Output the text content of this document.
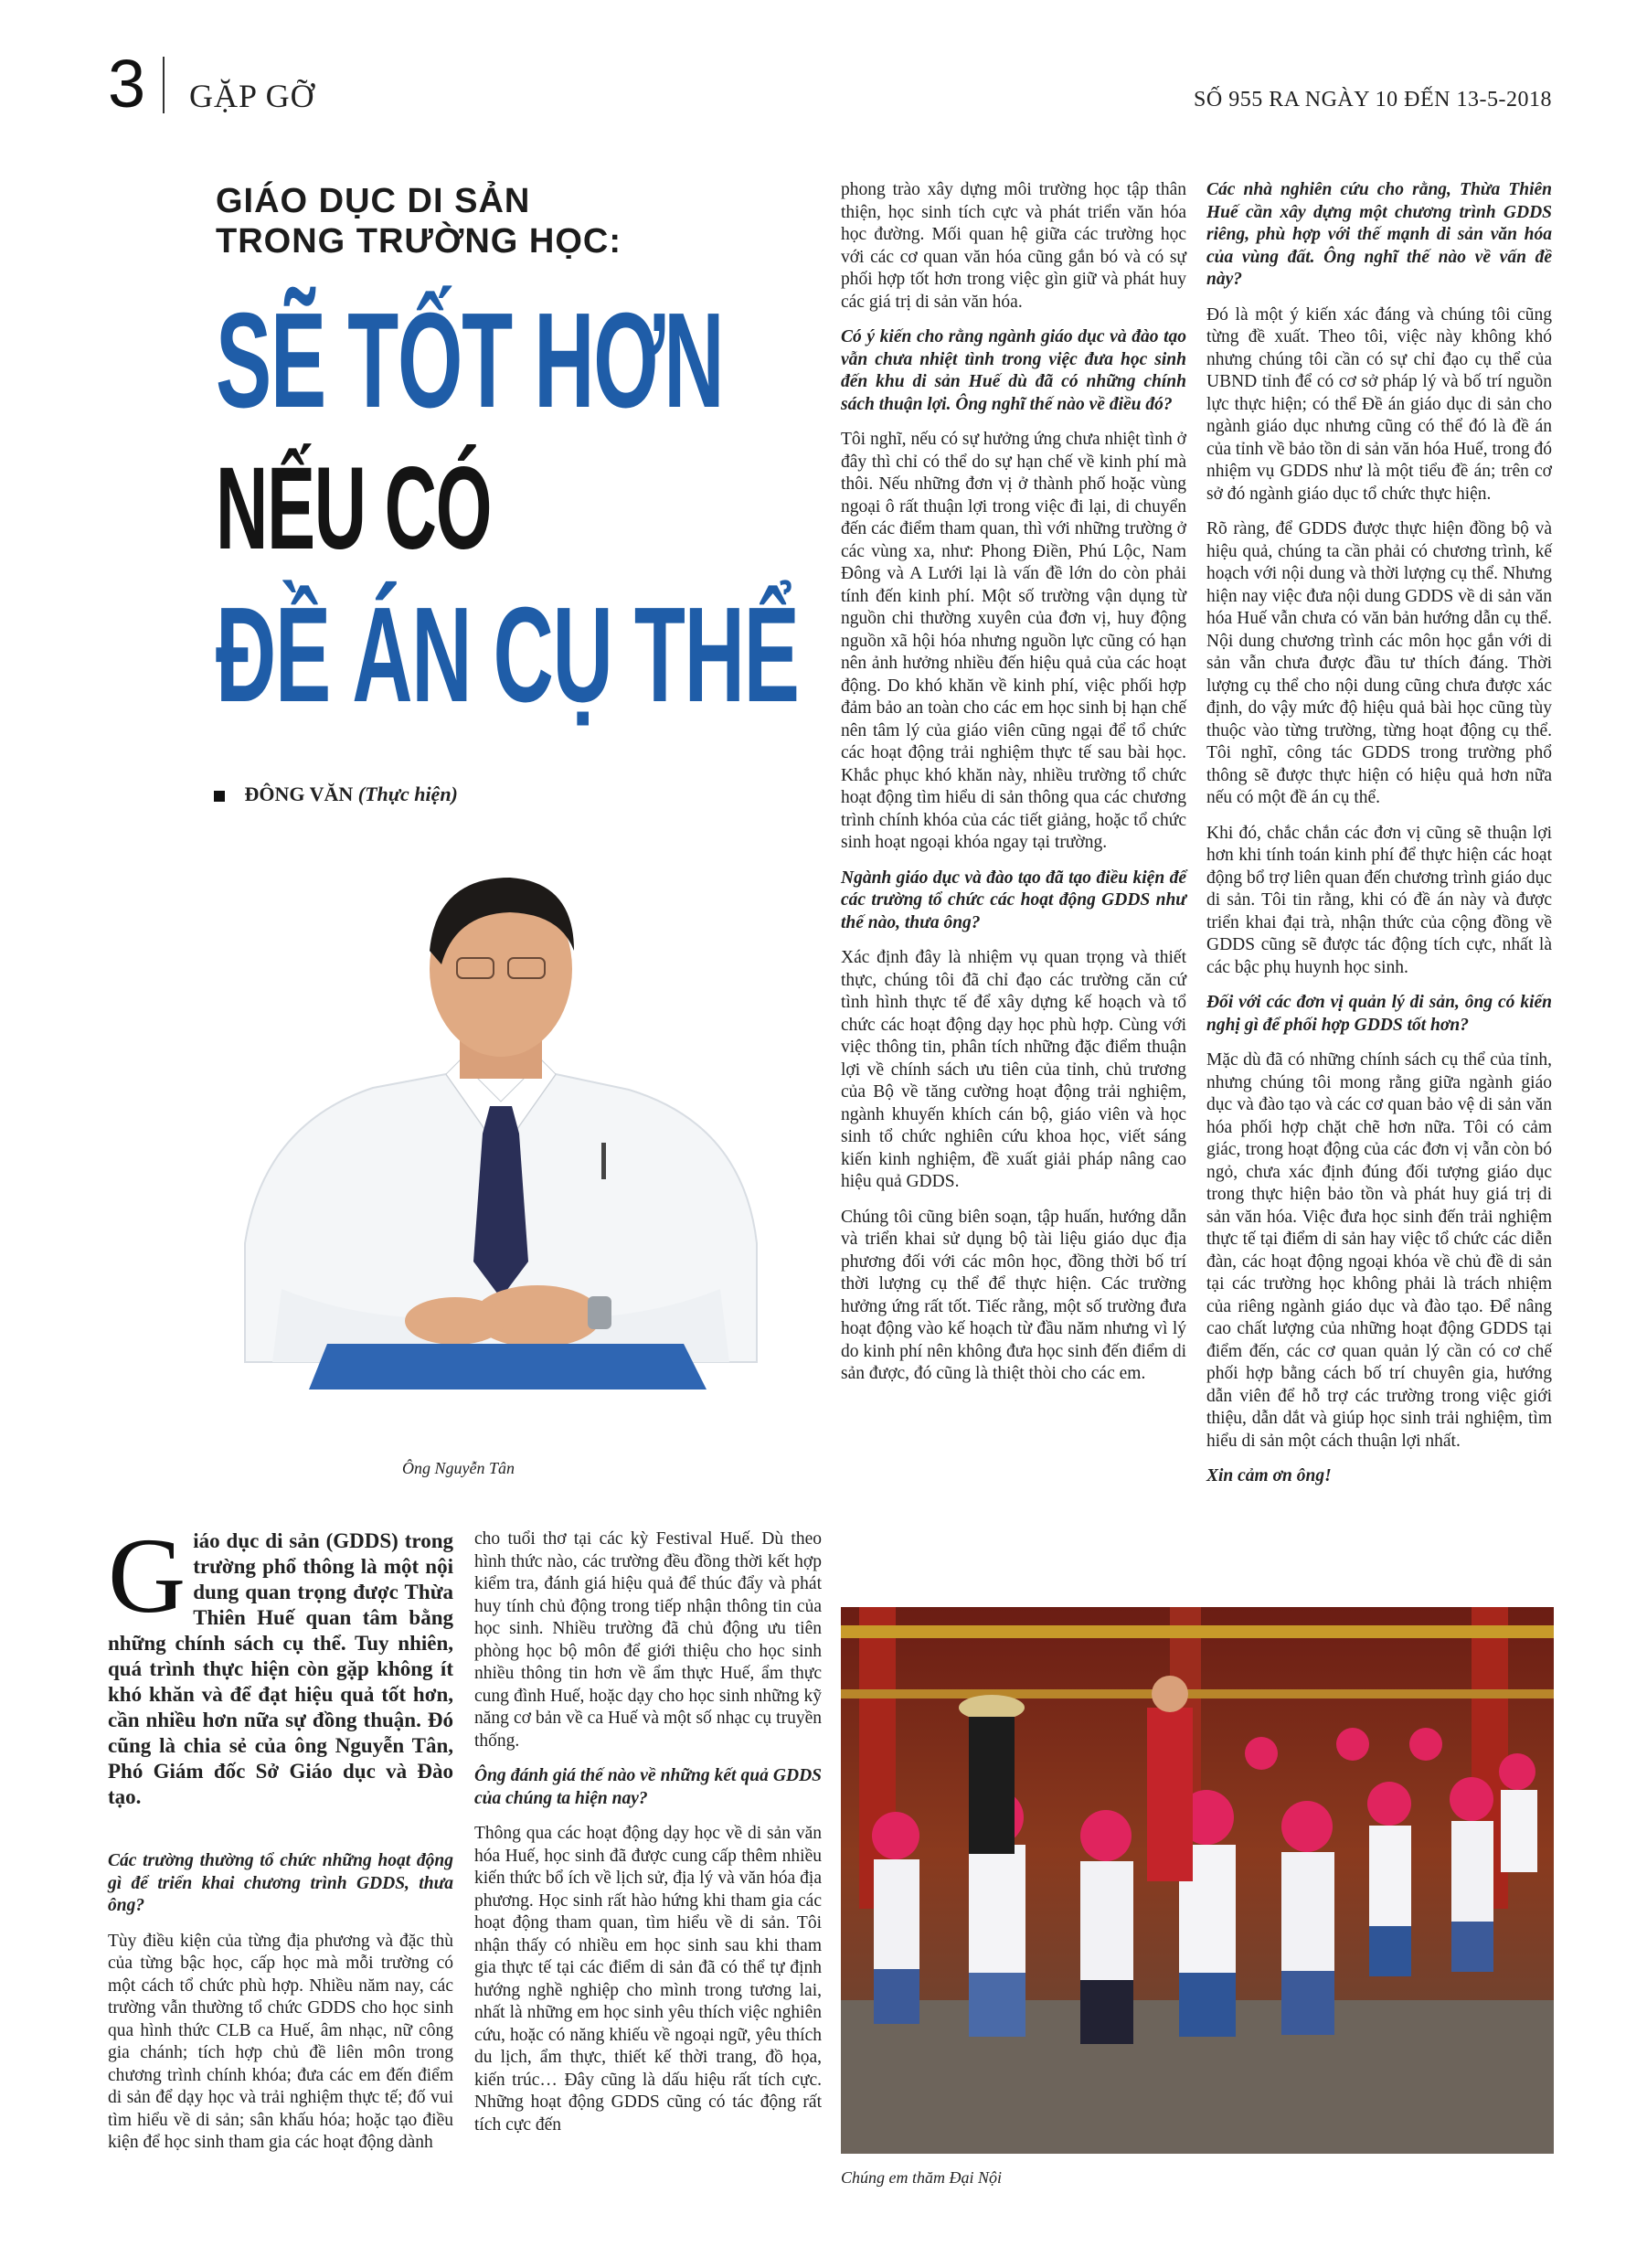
3 GẶP GỠ	SỐ 955 RA NGÀY 10 ĐẾN 13-5-2018
GIÁO DỤC DI SẢN
TRONG TRƯỜNG HỌC:
SẼ TỐT HƠN
NẾU CÓ
ĐỀ ÁN CỤ THỂ
ĐÔNG VĂN (Thực hiện)
Ông Nguyễn Tân
Giáo dục di sản (GDDS) trong trường phổ thông là một nội dung quan trọng được Thừa Thiên Huế quan tâm bằng những chính sách cụ thể. Tuy nhiên, quá trình thực hiện còn gặp không ít khó khăn và để đạt hiệu quả tốt hơn, cần nhiều hơn nữa sự đồng thuận. Đó cũng là chia sẻ của ông Nguyễn Tân, Phó Giám đốc Sở Giáo dục và Đào tạo.

Các trường thường tổ chức những hoạt động gì để triển khai chương trình GDDS, thưa ông?

Tùy điều kiện của từng địa phương và đặc thù của từng bậc học, cấp học mà mỗi trường có một cách tổ chức phù hợp. Nhiều năm nay, các trường vẫn thường tổ chức GDDS cho học sinh qua hình thức CLB ca Huế, âm nhạc, nữ công gia chánh; tích hợp chủ đề liên môn trong chương trình chính khóa; đưa các em đến điểm di sản để dạy học và trải nghiệm thực tế; đố vui tìm hiểu về di sản; sân khấu hóa; hoặc tạo điều kiện để học sinh tham gia các hoạt động dành

cho tuổi thơ tại các kỳ Festival Huế. Dù theo hình thức nào, các trường đều đồng thời kết hợp kiểm tra, đánh giá hiệu quả để thúc đẩy và phát huy tính chủ động trong tiếp nhận thông tin của học sinh. Nhiều trường đã chủ động ưu tiên phòng học bộ môn để giới thiệu cho học sinh nhiều thông tin hơn về ẩm thực Huế, ẩm thực cung đình Huế, hoặc dạy cho học sinh những kỹ năng cơ bản về ca Huế và một số nhạc cụ truyền thống.

Ông đánh giá thế nào về những kết quả GDDS của chúng ta hiện nay?

Thông qua các hoạt động dạy học về di sản văn hóa Huế, học sinh đã được cung cấp thêm nhiều kiến thức bổ ích về lịch sử, địa lý và văn hóa địa phương. Học sinh rất hào hứng khi tham gia các hoạt động tham quan, tìm hiểu về di sản. Tôi nhận thấy có nhiều em học sinh sau khi tham gia thực tế tại các điểm di sản đã có thể tự định hướng nghề nghiệp cho mình trong tương lai, nhất là những em học sinh yêu thích việc nghiên cứu, hoặc có năng khiếu về ngoại ngữ, yêu thích du lịch, ẩm thực, thiết kế thời trang, đồ họa, kiến trúc… Đây cũng là dấu hiệu rất tích cực. Những hoạt động GDDS cũng có tác động rất tích cực đến

phong trào xây dựng môi trường học tập thân thiện, học sinh tích cực và phát triển văn hóa học đường. Mối quan hệ giữa các trường học với các cơ quan văn hóa cũng gắn bó và có sự phối hợp tốt hơn trong việc gìn giữ và phát huy các giá trị di sản văn hóa.

Có ý kiến cho rằng ngành giáo dục và đào tạo vẫn chưa nhiệt tình trong việc đưa học sinh đến khu di sản Huế dù đã có những chính sách thuận lợi. Ông nghĩ thế nào về điều đó?

Tôi nghĩ, nếu có sự hưởng ứng chưa nhiệt tình ở đây thì chỉ có thể do sự hạn chế về kinh phí mà thôi. Nếu những đơn vị ở thành phố hoặc vùng ngoại ô rất thuận lợi trong việc đi lại, di chuyển đến các điểm tham quan, thì với những trường ở các vùng xa, như: Phong Điền, Phú Lộc, Nam Đông và A Lưới lại là vấn đề lớn do còn phải tính đến kinh phí. Một số trường vận dụng từ nguồn chi thường xuyên của đơn vị, huy động nguồn xã hội hóa nhưng nguồn lực cũng có hạn nên ảnh hưởng nhiều đến hiệu quả của các hoạt động. Do khó khăn về kinh phí, việc phối hợp đảm bảo an toàn cho các em học sinh bị hạn chế nên tâm lý của giáo viên cũng ngại để tổ chức các hoạt động trải nghiệm thực tế sau bài học. Khắc phục khó khăn này, nhiều trường tổ chức hoạt động tìm hiểu di sản thông qua các chương trình chính khóa của các tiết giảng, hoặc tổ chức sinh hoạt ngoại khóa ngay tại trường.

Ngành giáo dục và đào tạo đã tạo điều kiện để các trường tổ chức các hoạt động GDDS như thế nào, thưa ông?

Xác định đây là nhiệm vụ quan trọng và thiết thực, chúng tôi đã chỉ đạo các trường căn cứ tình hình thực tế để xây dựng kế hoạch và tổ chức các hoạt động dạy học phù hợp. Cùng với việc thông tin, phân tích những đặc điểm thuận lợi về chính sách ưu tiên của tỉnh, chủ trương của Bộ về tăng cường hoạt động trải nghiệm, ngành khuyến khích cán bộ, giáo viên và học sinh tổ chức nghiên cứu khoa học, viết sáng kiến kinh nghiệm, đề xuất giải pháp nâng cao hiệu quả GDDS.

Chúng tôi cũng biên soạn, tập huấn, hướng dẫn và triển khai sử dụng bộ tài liệu giáo dục địa phương đối với các môn học, đồng thời bố trí thời lượng cụ thể để thực hiện. Các trường hưởng ứng rất tốt. Tiếc rằng, một số trường đưa hoạt động vào kế hoạch từ đầu năm nhưng vì lý do kinh phí nên không đưa học sinh đến điểm di sản được, đó cũng là thiệt thòi cho các em.

Các nhà nghiên cứu cho rằng, Thừa Thiên Huế cần xây dựng một chương trình GDDS riêng, phù hợp với thế mạnh di sản văn hóa của vùng đất. Ông nghĩ thế nào về vấn đề này?

Đó là một ý kiến xác đáng và chúng tôi cũng từng đề xuất. Theo tôi, việc này không khó nhưng chúng tôi cần có sự chỉ đạo cụ thể của UBND tỉnh để có cơ sở pháp lý và bố trí nguồn lực thực hiện; có thể Đề án giáo dục di sản cho ngành giáo dục nhưng cũng có thể đó là đề án của tỉnh về bảo tồn di sản văn hóa Huế, trong đó nhiệm vụ GDDS như là một tiểu đề án; trên cơ sở đó ngành giáo dục tổ chức thực hiện.

Rõ ràng, để GDDS được thực hiện đồng bộ và hiệu quả, chúng ta cần phải có chương trình, kế hoạch với nội dung và thời lượng cụ thể. Nhưng hiện nay việc đưa nội dung GDDS về di sản văn hóa Huế vẫn chưa có văn bản hướng dẫn cụ thể. Nội dung chương trình các môn học gắn với di sản vẫn chưa được đầu tư thích đáng. Thời lượng cụ thể cho nội dung cũng chưa được xác định, do vậy mức độ hiệu quả bài học cũng tùy thuộc vào từng trường, từng hoạt động cụ thể. Tôi nghĩ, công tác GDDS trong trường phổ thông sẽ được thực hiện có hiệu quả hơn nữa nếu có một đề án cụ thể.

Khi đó, chắc chắn các đơn vị cũng sẽ thuận lợi hơn khi tính toán kinh phí để thực hiện các hoạt động bổ trợ liên quan đến chương trình giáo dục di sản. Tôi tin rằng, khi có đề án này và được triển khai đại trà, nhận thức của cộng đồng về GDDS cũng sẽ được tác động tích cực, nhất là các bậc phụ huynh học sinh.

Đối với các đơn vị quản lý di sản, ông có kiến nghị gì để phối hợp GDDS tốt hơn?

Mặc dù đã có những chính sách cụ thể của tỉnh, nhưng chúng tôi mong rằng giữa ngành giáo dục và đào tạo và các cơ quan bảo vệ di sản văn hóa phối hợp chặt chẽ hơn nữa. Tôi có cảm giác, trong hoạt động của các đơn vị vẫn còn bó ngỏ, chưa xác định đúng đối tượng giáo dục trong thực hiện bảo tồn và phát huy giá trị di sản văn hóa. Việc đưa học sinh đến trải nghiệm thực tế tại điểm di sản hay việc tổ chức các diễn đàn, các hoạt động ngoại khóa về chủ đề di sản tại các trường học không phải là trách nhiệm của riêng ngành giáo dục và đào tạo. Để nâng cao chất lượng của những hoạt động GDDS tại điểm đến, các cơ quan quản lý cần có cơ chế phối hợp bằng cách bố trí chuyên gia, hướng dẫn viên để hỗ trợ các trường trong việc giới thiệu, dẫn dắt và giúp học sinh trải nghiệm, tìm hiểu di sản một cách thuận lợi nhất.

Xin cảm ơn ông!

Chúng em thăm Đại Nội
